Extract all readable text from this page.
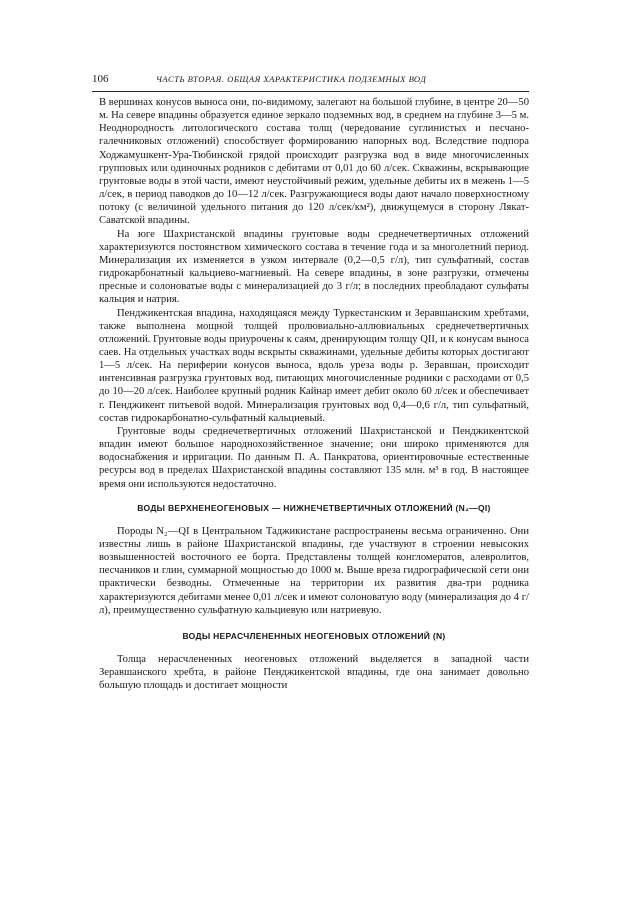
106	ЧАСТЬ ВТОРАЯ. ОБЩАЯ ХАРАКТЕРИСТИКА ПОДЗЕМНЫХ ВОД

В вершинах конусов выноса они, по-видимому, залегают на большой глубине, в центре 20—50 м. На севере впадины образуется единое зеркало подземных вод, в среднем на глубине 3—5 м. Неоднородность литологического состава толщ (чередование суглинистых и песчано-галечниковых отложений) способствует формированию напорных вод. Вследствие подпора Ходжамушкент-Ура-Тюбинской грядой происходит разгрузка вод в виде многочисленных групповых или одиночных родников с дебитами от 0,01 до 60 л/сек. Скважины, вскрывающие грунтовые воды в этой части, имеют неустойчивый режим, удельные дебиты их в межень 1—5 л/сек, в период паводков до 10—12 л/сек. Разгружающиеся воды дают начало поверхностному потоку (с величиной удельного питания до 120 л/сек/км²), движущемуся в сторону Лякат-Саватской впадины.

На юге Шахристанской впадины грунтовые воды среднечетвертичных отложений характеризуются постоянством химического состава в течение года и за многолетний период. Минерализация их изменяется в узком интервале (0,2—0,5 г/л), тип сульфатный, состав гидрокарбонатный кальциево-магниевый. На севере впадины, в зоне разгрузки, отмечены пресные и солоноватые воды с минерализацией до 3 г/л; в последних преобладают сульфаты кальция и натрия.

Пенджикентская впадина, находящаяся между Туркестанским и Зеравшанским хребтами, также выполнена мощной толщей пролювиально-аллювиальных среднечетвертичных отложений. Грунтовые воды приурочены к саям, дренирующим толщу QII, и к конусам выноса саев. На отдельных участках воды вскрыты скважинами, удельные дебиты которых достигают 1—5 л/сек. На периферии конусов выноса, вдоль уреза воды р. Зеравшан, происходит интенсивная разгрузка грунтовых вод, питающих многочисленные родники с расходами от 0,5 до 10—20 л/сек. Наиболее крупный родник Кайнар имеет дебит около 60 л/сек и обеспечивает г. Пенджикент питьевой водой. Минерализация грунтовых вод 0,4—0,6 г/л, тип сульфатный, состав гидрокарбонатно-сульфатный кальциевый.

Грунтовые воды среднечетвертичных отложений Шахристанской и Пенджикентской впадин имеют большое народнохозяйственное значение; они широко применяются для водоснабжения и ирригации. По данным П. А. Панкратова, ориентировочные естественные ресурсы вод в пределах Шахристанской впадины составляют 135 млн. м³ в год. В настоящее время они используются недостаточно.

ВОДЫ ВЕРХНЕНЕОГЕНОВЫХ — НИЖНЕЧЕТВЕРТИЧНЫХ ОТЛОЖЕНИЙ (N₂—QI)

Породы N₂—QI в Центральном Таджикистане распространены весьма ограниченно. Они известны лишь в районе Шахристанской впадины, где участвуют в строении невысоких возвышенностей восточного ее борта. Представлены толщей конгломератов, алевролитов, песчаников и глин, суммарной мощностью до 1000 м. Выше вреза гидрографической сети они практически безводны. Отмеченные на территории их развития два-три родника характеризуются дебитами менее 0,01 л/сек и имеют солоноватую воду (минерализация до 4 г/л), преимущественно сульфатную кальциевую или натриевую.

ВОДЫ НЕРАСЧЛЕНЕННЫХ НЕОГЕНОВЫХ ОТЛОЖЕНИЙ (N)

Толща нерасчлененных неогеновых отложений выделяется в западной части Зеравшанского хребта, в районе Пенджикентской впадины, где она занимает довольно большую площадь и достигает мощности
